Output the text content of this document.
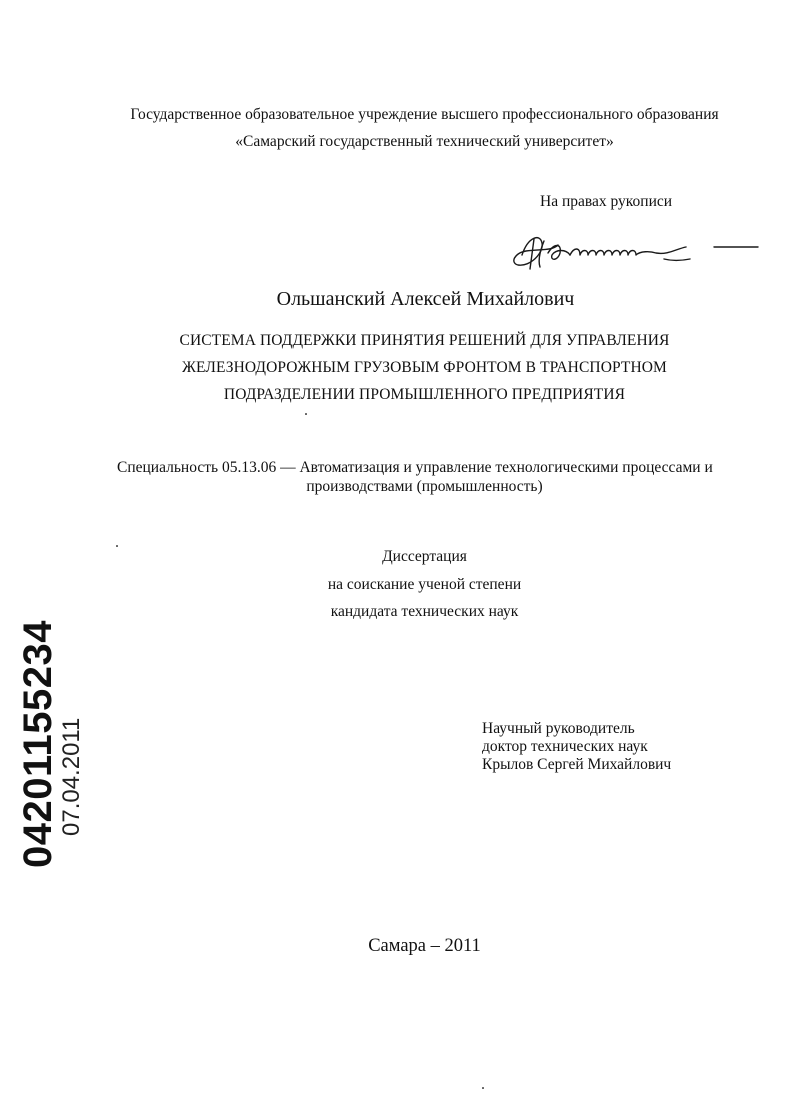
Государственное образовательное учреждение высшего профессионального образования
«Самарский государственный технический университет»
На правах рукописи
Ольшанский Алексей Михайлович
СИСТЕМА ПОДДЕРЖКИ ПРИНЯТИЯ РЕШЕНИЙ ДЛЯ УПРАВЛЕНИЯ
ЖЕЛЕЗНОДОРОЖНЫМ ГРУЗОВЫМ ФРОНТОМ В ТРАНСПОРТНОМ
ПОДРАЗДЕЛЕНИИ ПРОМЫШЛЕННОГО ПРЕДПРИЯТИЯ
Специальность 05.13.06 — Автоматизация и управление технологическими процессами и
производствами (промышленность)
Диссертация
на соискание ученой степени
кандидата технических наук
Научный руководитель
доктор технических наук
Крылов Сергей Михайлович
Самара – 2011
04201155234
07.04.2011
